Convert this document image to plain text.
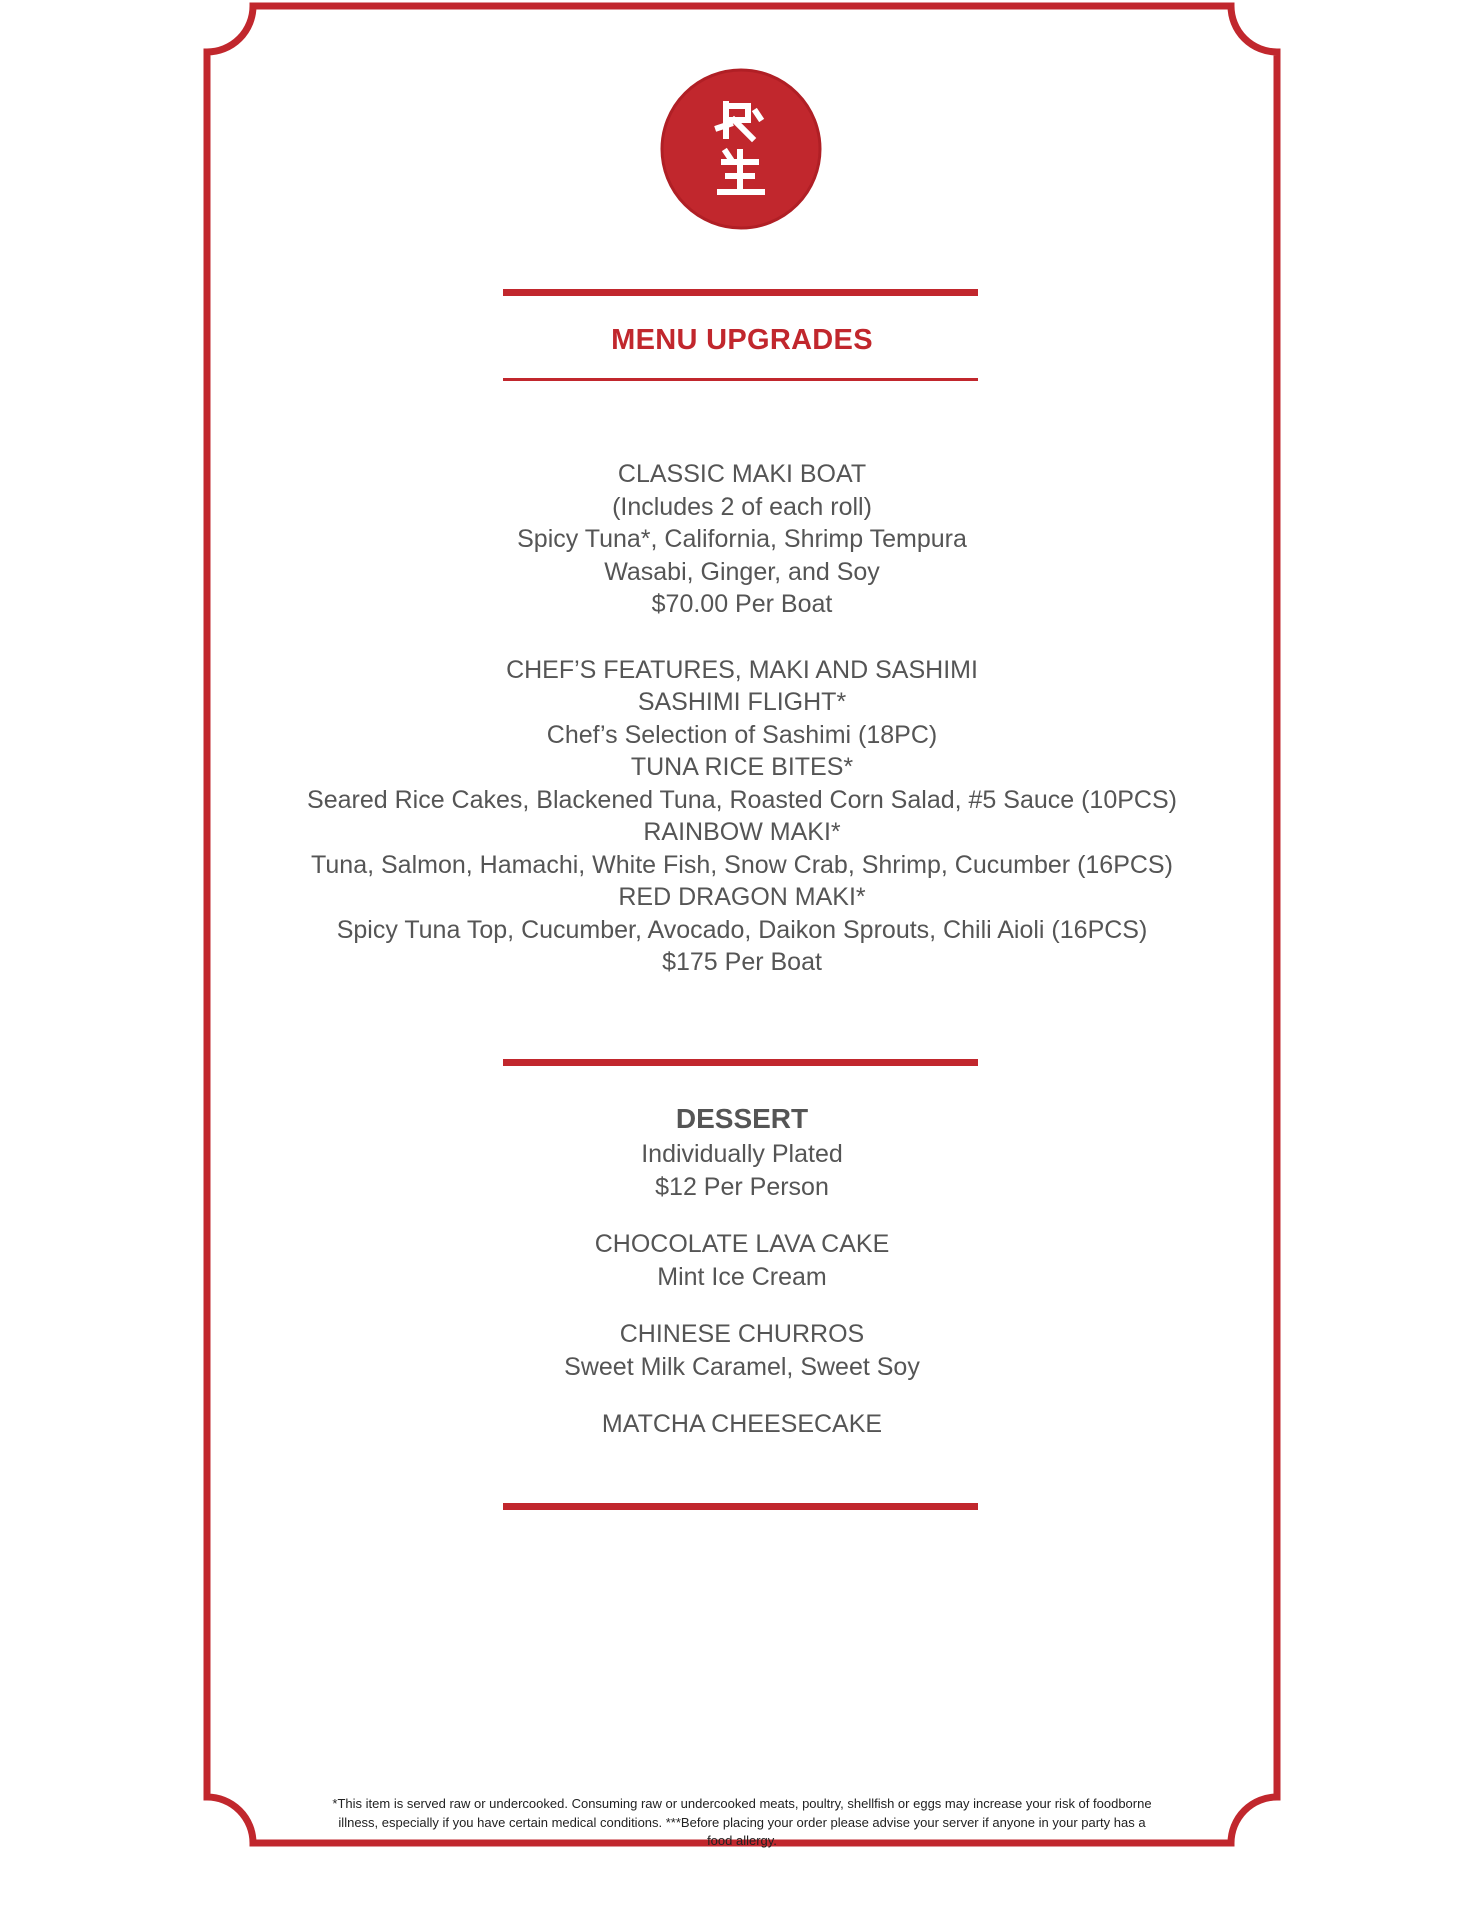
MENU UPGRADES
CLASSIC MAKI BOAT
(Includes 2 of each roll)
Spicy Tuna*, California, Shrimp Tempura
Wasabi, Ginger, and Soy
$70.00 Per Boat
CHEF’S FEATURES, MAKI AND SASHIMI
SASHIMI FLIGHT*
Chef’s Selection of Sashimi (18PC)
TUNA RICE BITES*
Seared Rice Cakes, Blackened Tuna, Roasted Corn Salad, #5 Sauce (10PCS)
RAINBOW MAKI*
Tuna, Salmon, Hamachi, White Fish, Snow Crab, Shrimp, Cucumber (16PCS)
RED DRAGON MAKI*
Spicy Tuna Top, Cucumber, Avocado, Daikon Sprouts, Chili Aioli (16PCS)
$175 Per Boat
DESSERT
Individually Plated
$12 Per Person
CHOCOLATE LAVA CAKE
Mint Ice Cream
CHINESE CHURROS
Sweet Milk Caramel, Sweet Soy
MATCHA CHEESECAKE
*This item is served raw or undercooked. Consuming raw or undercooked meats, poultry, shellfish or eggs may increase your risk of foodborne
illness, especially if you have certain medical conditions. ***Before placing your order please advise your server if anyone in your party has a
food allergy.
